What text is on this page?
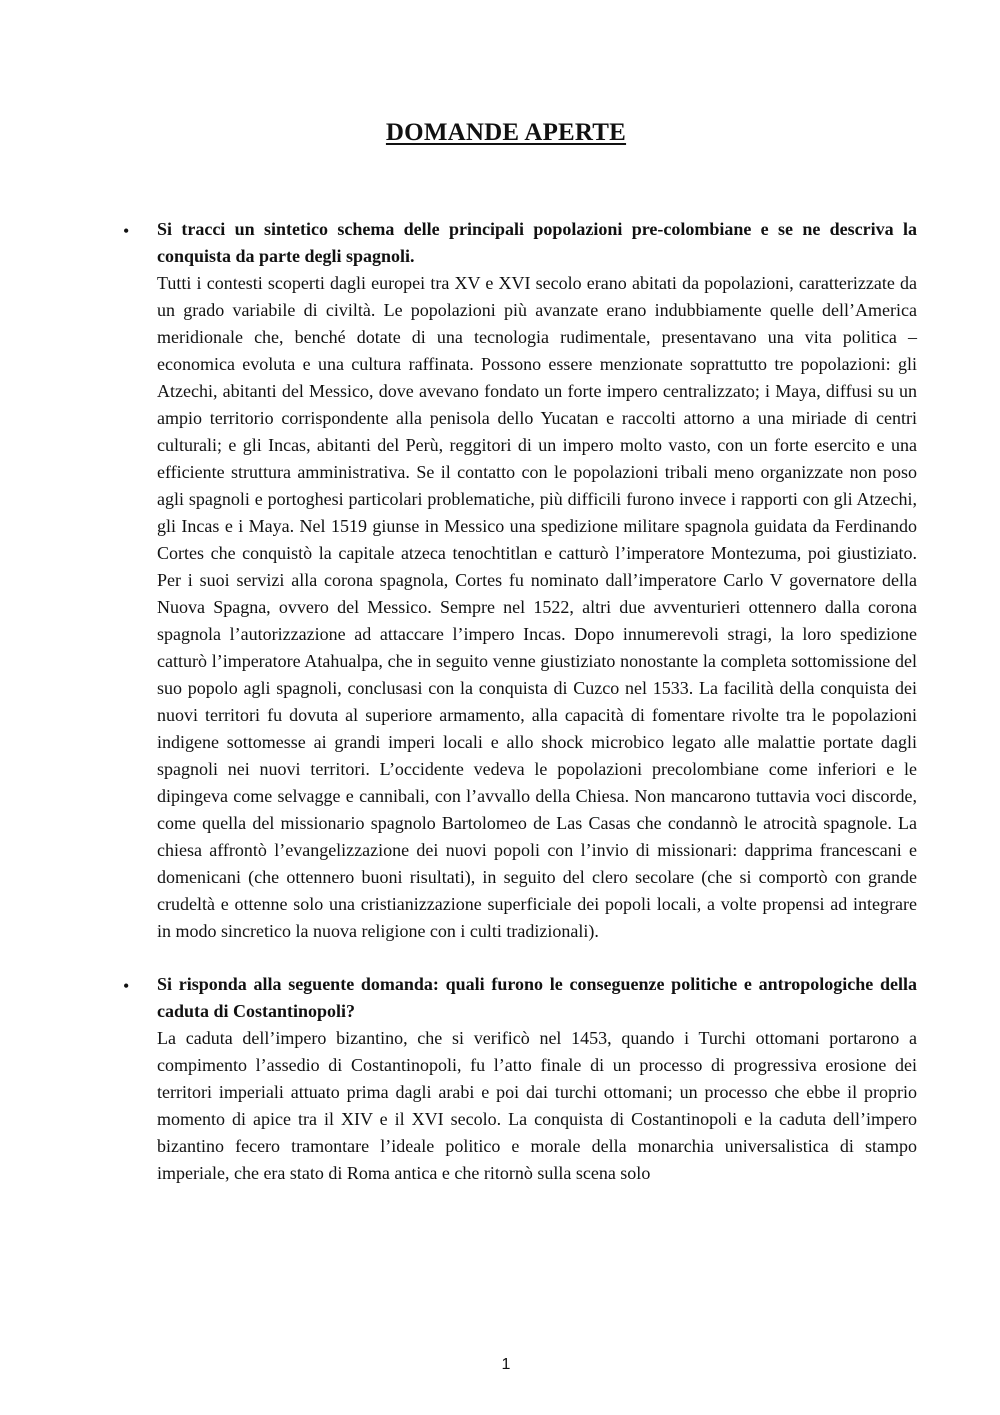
DOMANDE APERTE
• Si tracci un sintetico schema delle principali popolazioni pre-colombiane e se ne descriva la conquista da parte degli spagnoli.

Tutti i contesti scoperti dagli europei tra XV e XVI secolo erano abitati da popolazioni, caratterizzate da un grado variabile di civiltà. Le popolazioni più avanzate erano indubbiamente quelle dell’America meridionale che, benché dotate di una tecnologia rudimentale, presentavano una vita politica – economica evoluta e una cultura raffinata. Possono essere menzionate soprattutto tre popolazioni: gli Atzechi, abitanti del Messico, dove avevano fondato un forte impero centralizzato; i Maya, diffusi su un ampio territorio corrispondente alla penisola dello Yucatan e raccolti attorno a una miriade di centri culturali; e gli Incas, abitanti del Perù, reggitori di un impero molto vasto, con un forte esercito e una efficiente struttura amministrativa. Se il contatto con le popolazioni tribali meno organizzate non poso agli spagnoli e portoghesi particolari problematiche, più difficili furono invece i rapporti con gli Atzechi, gli Incas e i Maya. Nel 1519 giunse in Messico una spedizione militare spagnola guidata da Ferdinando Cortes che conquistò la capitale atzeca tenochtitlan e catturò l’imperatore Montezuma, poi giustiziato. Per i suoi servizi alla corona spagnola, Cortes fu nominato dall’imperatore Carlo V governatore della Nuova Spagna, ovvero del Messico. Sempre nel 1522, altri due avventurieri ottennero dalla corona spagnola l’autorizzazione ad attaccare l’impero Incas. Dopo innumerevoli stragi, la loro spedizione catturò l’imperatore Atahualpa, che in seguito venne giustiziato nonostante la completa sottomissione del suo popolo agli spagnoli, conclusasi con la conquista di Cuzco nel 1533. La facilità della conquista dei nuovi territori fu dovuta al superiore armamento, alla capacità di fomentare rivolte tra le popolazioni indigene sottomesse ai grandi imperi locali e allo shock microbico legato alle malattie portate dagli spagnoli nei nuovi territori. L’occidente vedeva le popolazioni precolombiane come inferiori e le dipingeva come selvagge e cannibali, con l’avvallo della Chiesa. Non mancarono tuttavia voci discorde, come quella del missionario spagnolo Bartolomeo de Las Casas che condannò le atrocità spagnole. La chiesa affrontò l’evangelizzazione dei nuovi popoli con l’invio di missionari: dapprima francescani e domenicani (che ottennero buoni risultati), in seguito del clero secolare (che si comportò con grande crudeltà e ottenne solo una cristianizzazione superficiale dei popoli locali, a volte propensi ad integrare in modo sincretico la nuova religione con i culti tradizionali).

• Si risponda alla seguente domanda: quali furono le conseguenze politiche e antropologiche della caduta di Costantinopoli?

La caduta dell’impero bizantino, che si verificò nel 1453, quando i Turchi ottomani portarono a compimento l’assedio di Costantinopoli, fu l’atto finale di un processo di progressiva erosione dei territori imperiali attuato prima dagli arabi e poi dai turchi ottomani; un processo che ebbe il proprio momento di apice tra il XIV e il XVI secolo. La conquista di Costantinopoli e la caduta dell’impero bizantino fecero tramontare l’ideale politico e morale della monarchia universalistica di stampo imperiale, che era stato di Roma antica e che ritornò sulla scena solo

1
